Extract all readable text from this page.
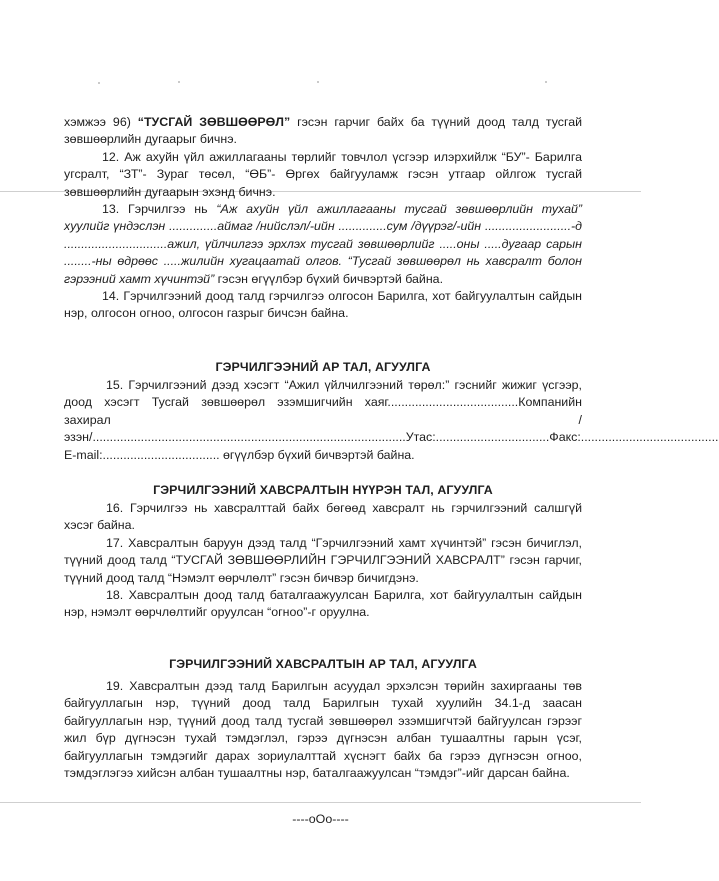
хэмжээ 96) “ТУСГАЙ ЗӨВШӨӨРӨЛ” гэсэн гарчиг байх ба түүний доод талд тусгай зөвшөөрлийн дугаарыг бичнэ.

12. Аж ахуйн үйл ажиллагааны төрлийг товчлол үсгээр илэрхийлж “БУ”- Барилга угсралт, “ЗТ”- Зураг төсөл, “ӨБ”- Өргөх байгууламж гэсэн утгаар ойлгож тусгай зөвшөөрлийн дугаарын эхэнд бичнэ.

13. Гэрчилгээ нь “Аж ахуйн үйл ажиллагааны тусгай зөвшөөрлийн тухай” хуулийг үндэслэн ..............аймаг /нийслэл/-ийн ..............сум /дүүрэг/-ийн .........................-д ..............................ажил, үйлчилгээ эрхлэх тусгай зөвшөөрлийг .....оны .....дугаар сарын ........-ны өдрөөс .....жилийн хугацаатай олгов. “Тусгай зөвшөөрөл нь хавсралт болон гэрээний хамт хүчинтэй” гэсэн өгүүлбэр бүхий бичвэртэй байна.

14. Гэрчилгээний доод талд гэрчилгээ олгосон Барилга, хот байгуулалтын сайдын нэр, олгосон огноо, олгосон газрыг бичсэн байна.

ГЭРЧИЛГЭЭНИЙ АР ТАЛ, АГУУЛГА

15. Гэрчилгээний дээд хэсэгт “Ажил үйлчилгээний төрөл:” гэснийг жижиг үсгээр, доод хэсэгт Тусгай зөвшөөрөл эзэмшигчийн хаяг......................................Компанийн захирал /эзэн/...........................................................................................Утас:.................................Факс:........................................ E-mail:.................................. өгүүлбэр бүхий бичвэртэй байна.

ГЭРЧИЛГЭЭНИЙ ХАВСРАЛТЫН НҮҮРЭН ТАЛ, АГУУЛГА

16. Гэрчилгээ нь хавсралттай байх бөгөөд хавсралт нь гэрчилгээний салшгүй хэсэг байна.

17. Хавсралтын баруун дээд талд “Гэрчилгээний хамт хүчинтэй” гэсэн бичиглэл, түүний доод талд “ТУСГАЙ ЗӨВШӨӨРЛИЙН ГЭРЧИЛГЭЭНИЙ ХАВСРАЛТ” гэсэн гарчиг, түүний доод талд “Нэмэлт өөрчлөлт” гэсэн бичвэр бичигдэнэ.

18. Хавсралтын доод талд баталгаажуулсан Барилга, хот байгуулалтын сайдын нэр, нэмэлт өөрчлөлтийг оруулсан “огноо”-г оруулна.

ГЭРЧИЛГЭЭНИЙ ХАВСРАЛТЫН АР ТАЛ, АГУУЛГА

19. Хавсралтын дээд талд Барилгын асуудал эрхэлсэн төрийн захиргааны төв байгууллагын нэр, түүний доод талд Барилгын тухай хуулийн 34.1-д заасан байгууллагын нэр, түүний доод талд тусгай зөвшөөрөл эзэмшигчтэй байгуулсан гэрээг жил бүр дүгнэсэн тухай тэмдэглэл, гэрээ дүгнэсэн албан тушаалтны гарын үсэг, байгууллагын тэмдэгийг дарах зориулалттай хүснэгт байх ба гэрээ дүгнэсэн огноо, тэмдэглэгээ хийсэн албан тушаалтны нэр, баталгаажуулсан “тэмдэг”-ийг дарсан байна.

----oOo----
